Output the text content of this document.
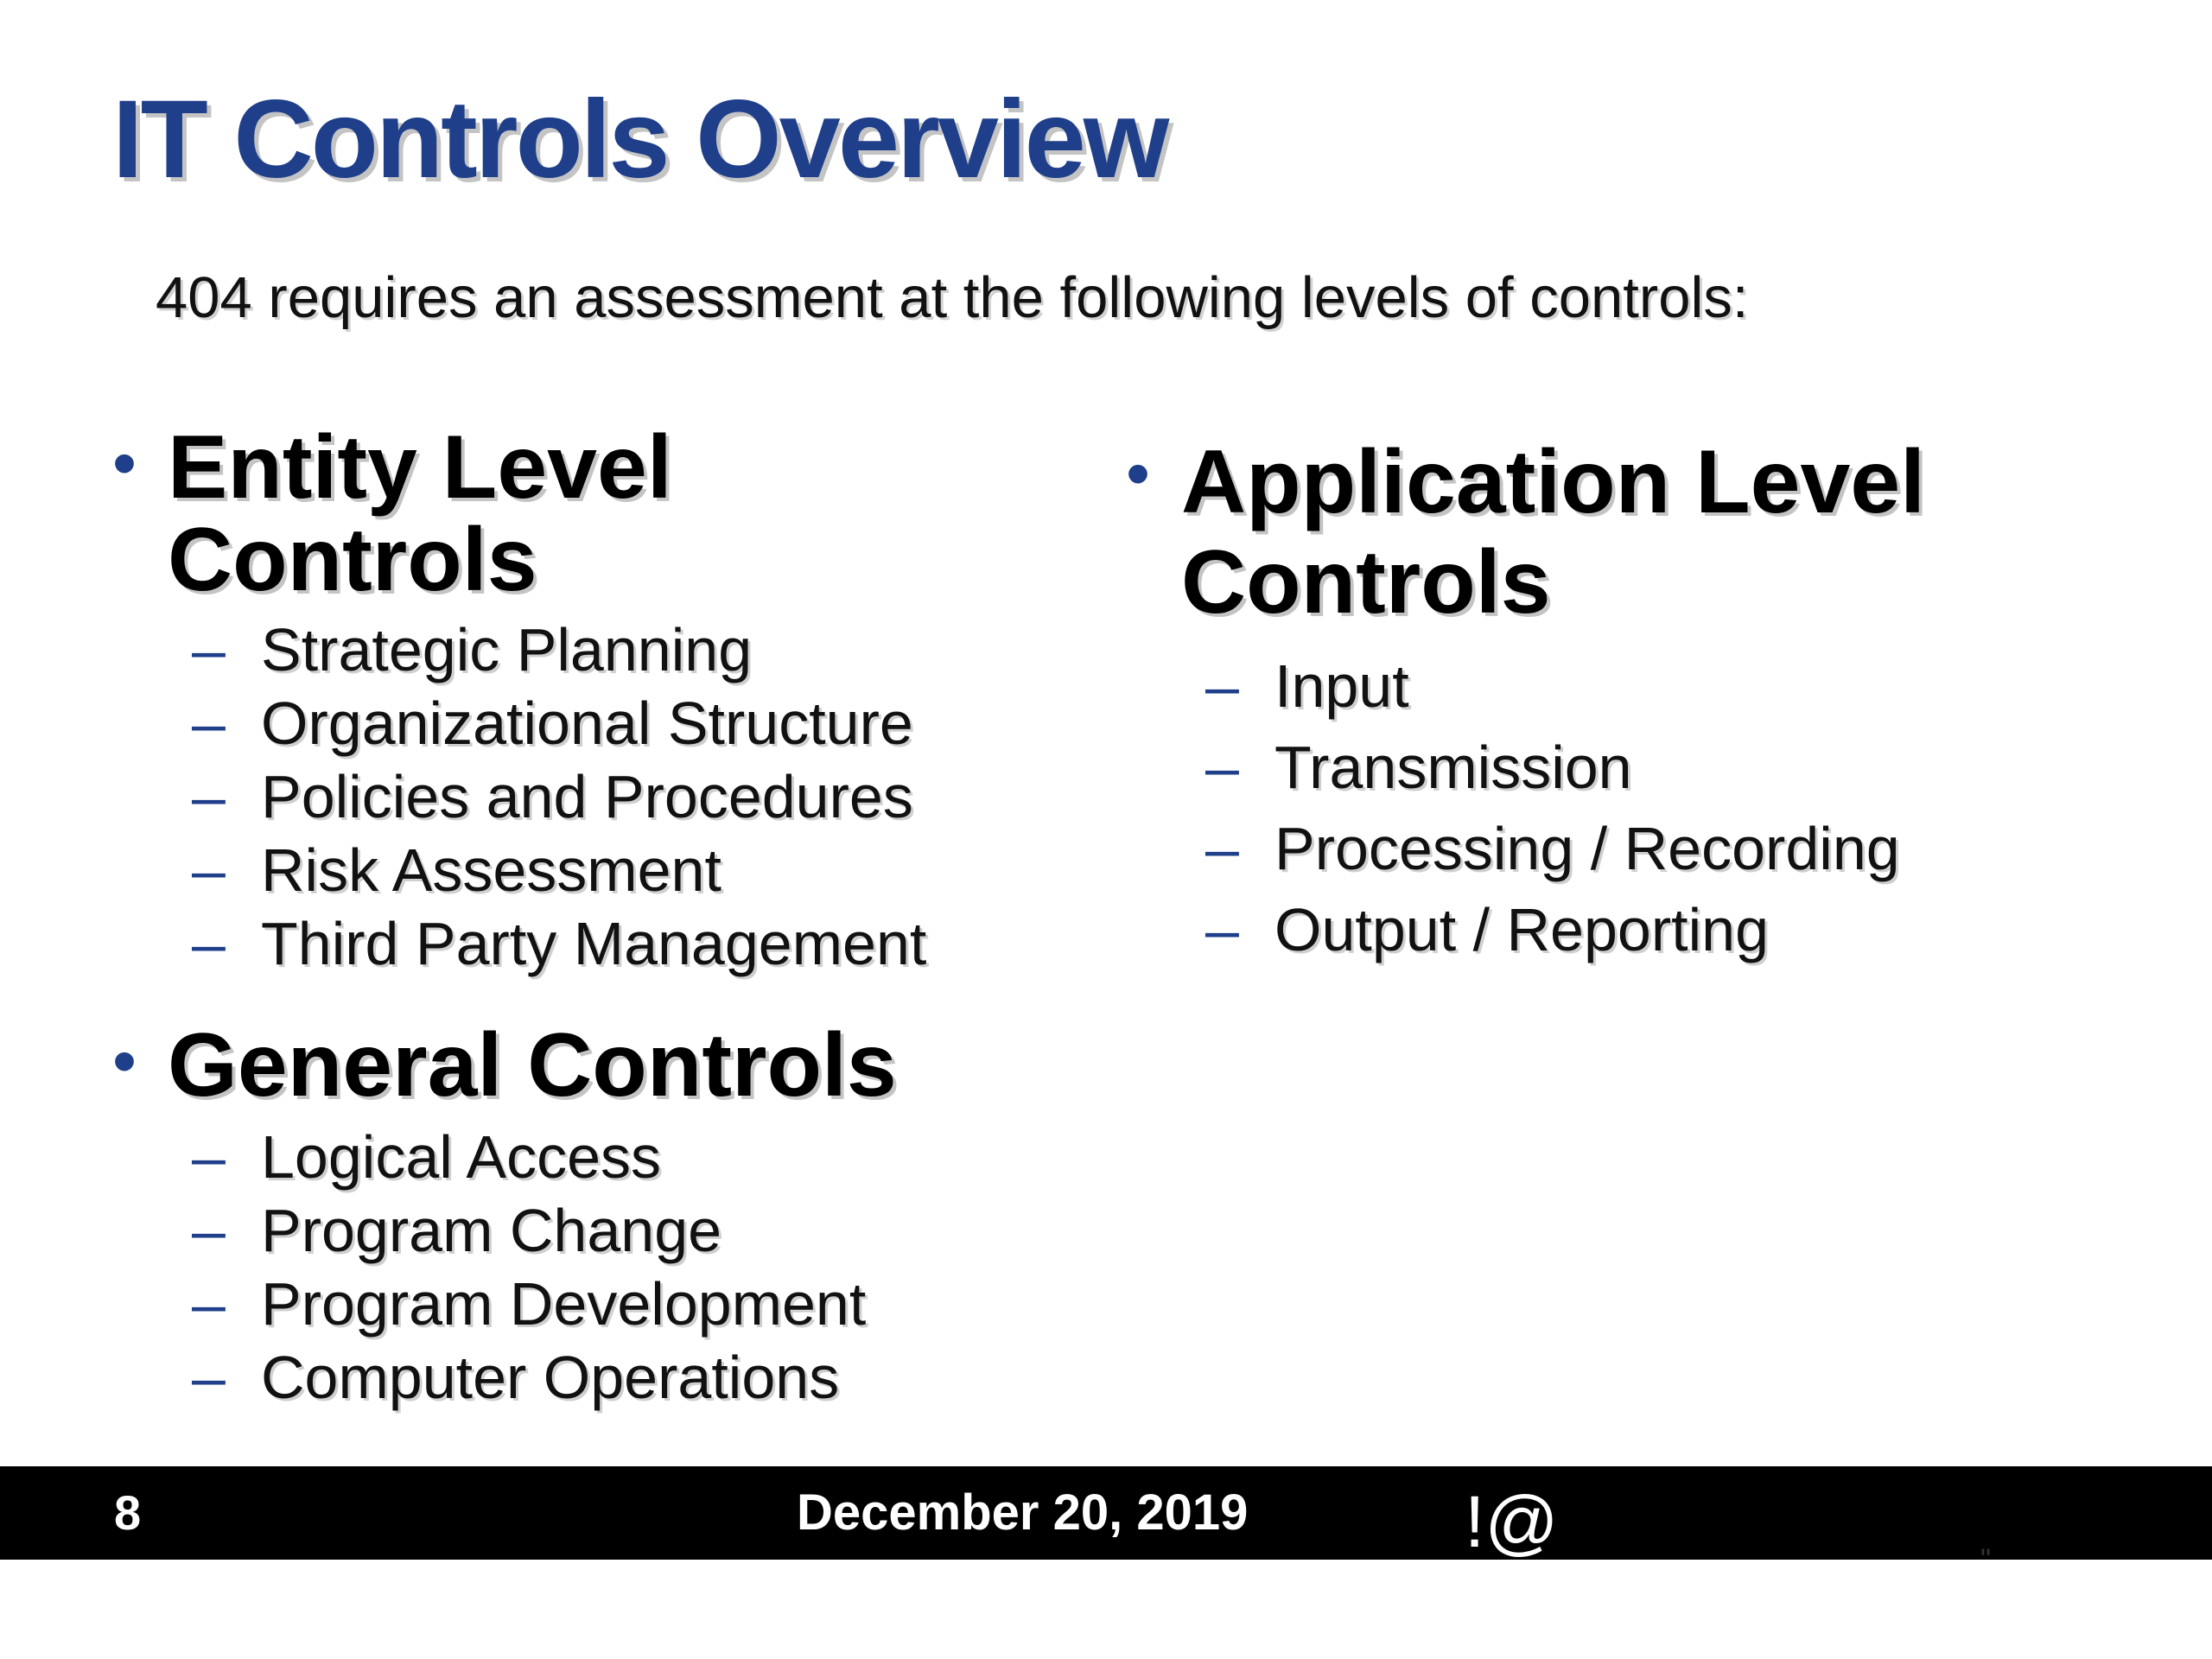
IT Controls Overview
404 requires an assessment at the following levels of controls:
• Entity Level
Controls
– Strategic Planning
– Organizational Structure
– Policies and Procedures
– Risk Assessment
– Third Party Management
• General Controls
– Logical Access
– Program Change
– Program Development
– Computer Operations
• Application Level
Controls
– Input
– Transmission
– Processing / Recording
– Output / Reporting
8	December 20, 2019	!@	"
